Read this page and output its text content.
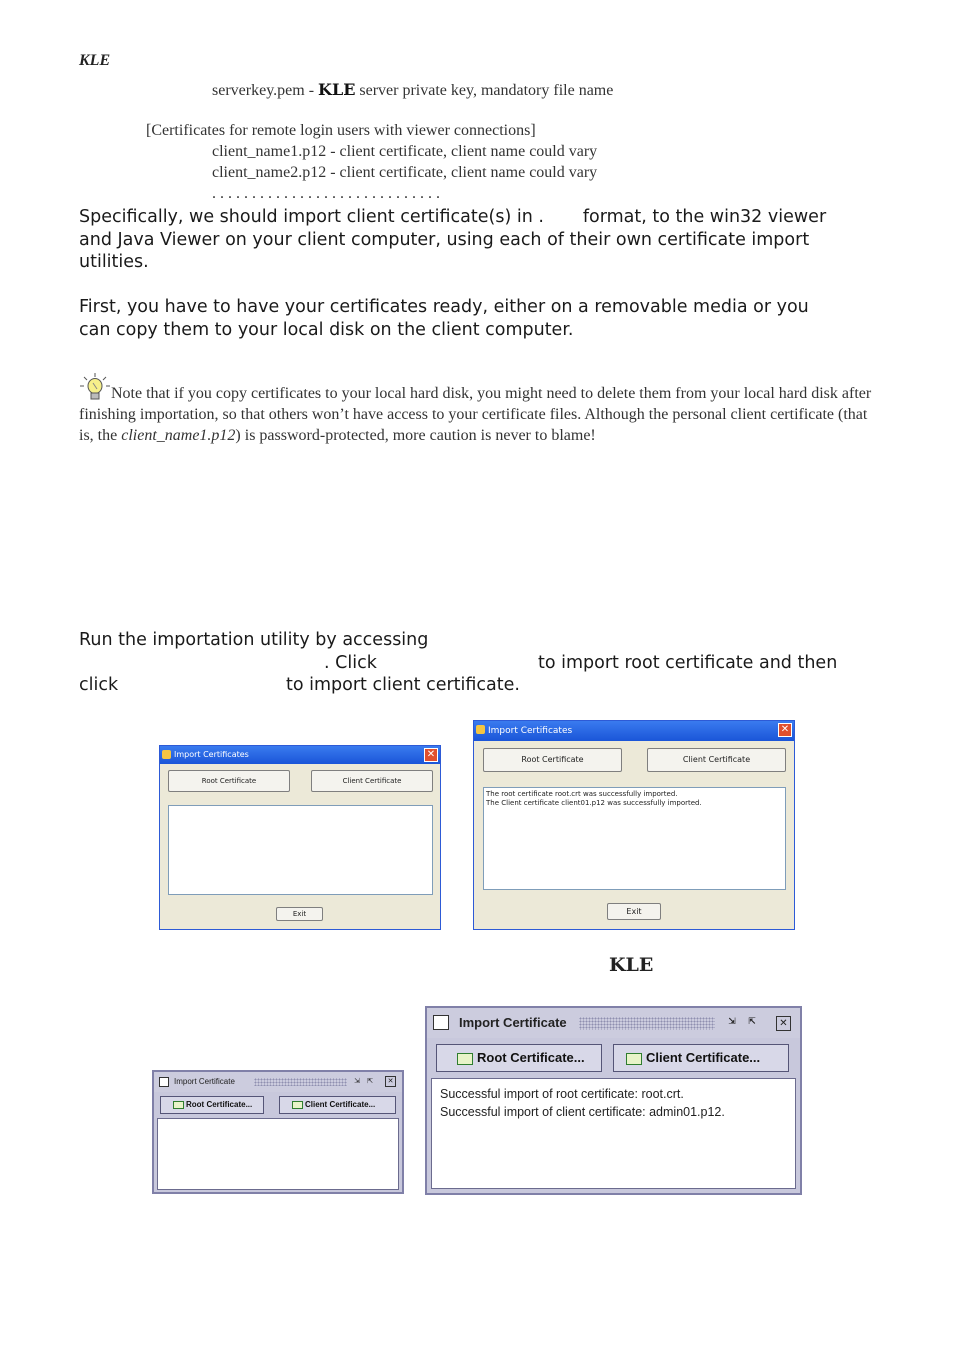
KLE
serverkey.pem - KLE server private key, mandatory file name
[Certificates for remote login users with viewer connections]
client_name1.p12 - client certificate, client name could vary
client_name2.p12 - client certificate, client name could vary
. . . . . . . . . . . . . . . . . . . . . . . . . . . . .
Specifically, we should import client certificate(s) in .       format, to the win32 viewer
and Java Viewer on your client computer, using each of their own certificate import
utilities.
First, you have to have your certificates ready, either on a removable media or you
can copy them to your local disk on the client computer.
Note that if you copy certificates to your local hard disk, you might need to delete them from your local hard disk after finishing importation, so that others won’t have access to your certificate files. Although the personal client certificate (that is, the client_name1.p12) is password-protected, more caution is never to blame!
Run the importation utility by accessing
. Click	to import root certificate and then
click	to import client certificate.
Import Certificates	✕
Root Certificate	Client Certificate
Exit
Import Certificates	✕
Root Certificate	Client Certificate
The root certificate root.crt was successfully imported.
The Client certificate client01.p12 was successfully imported.
Exit
KLE
Import Certificate	⇲	⇱	✕
Root Certificate...	Client Certificate...
Successful import of root certificate: root.crt.
Successful import of client certificate: admin01.p12.
Import Certificate	⇲ ⇱	✕
Root Certificate...	Client Certificate...
